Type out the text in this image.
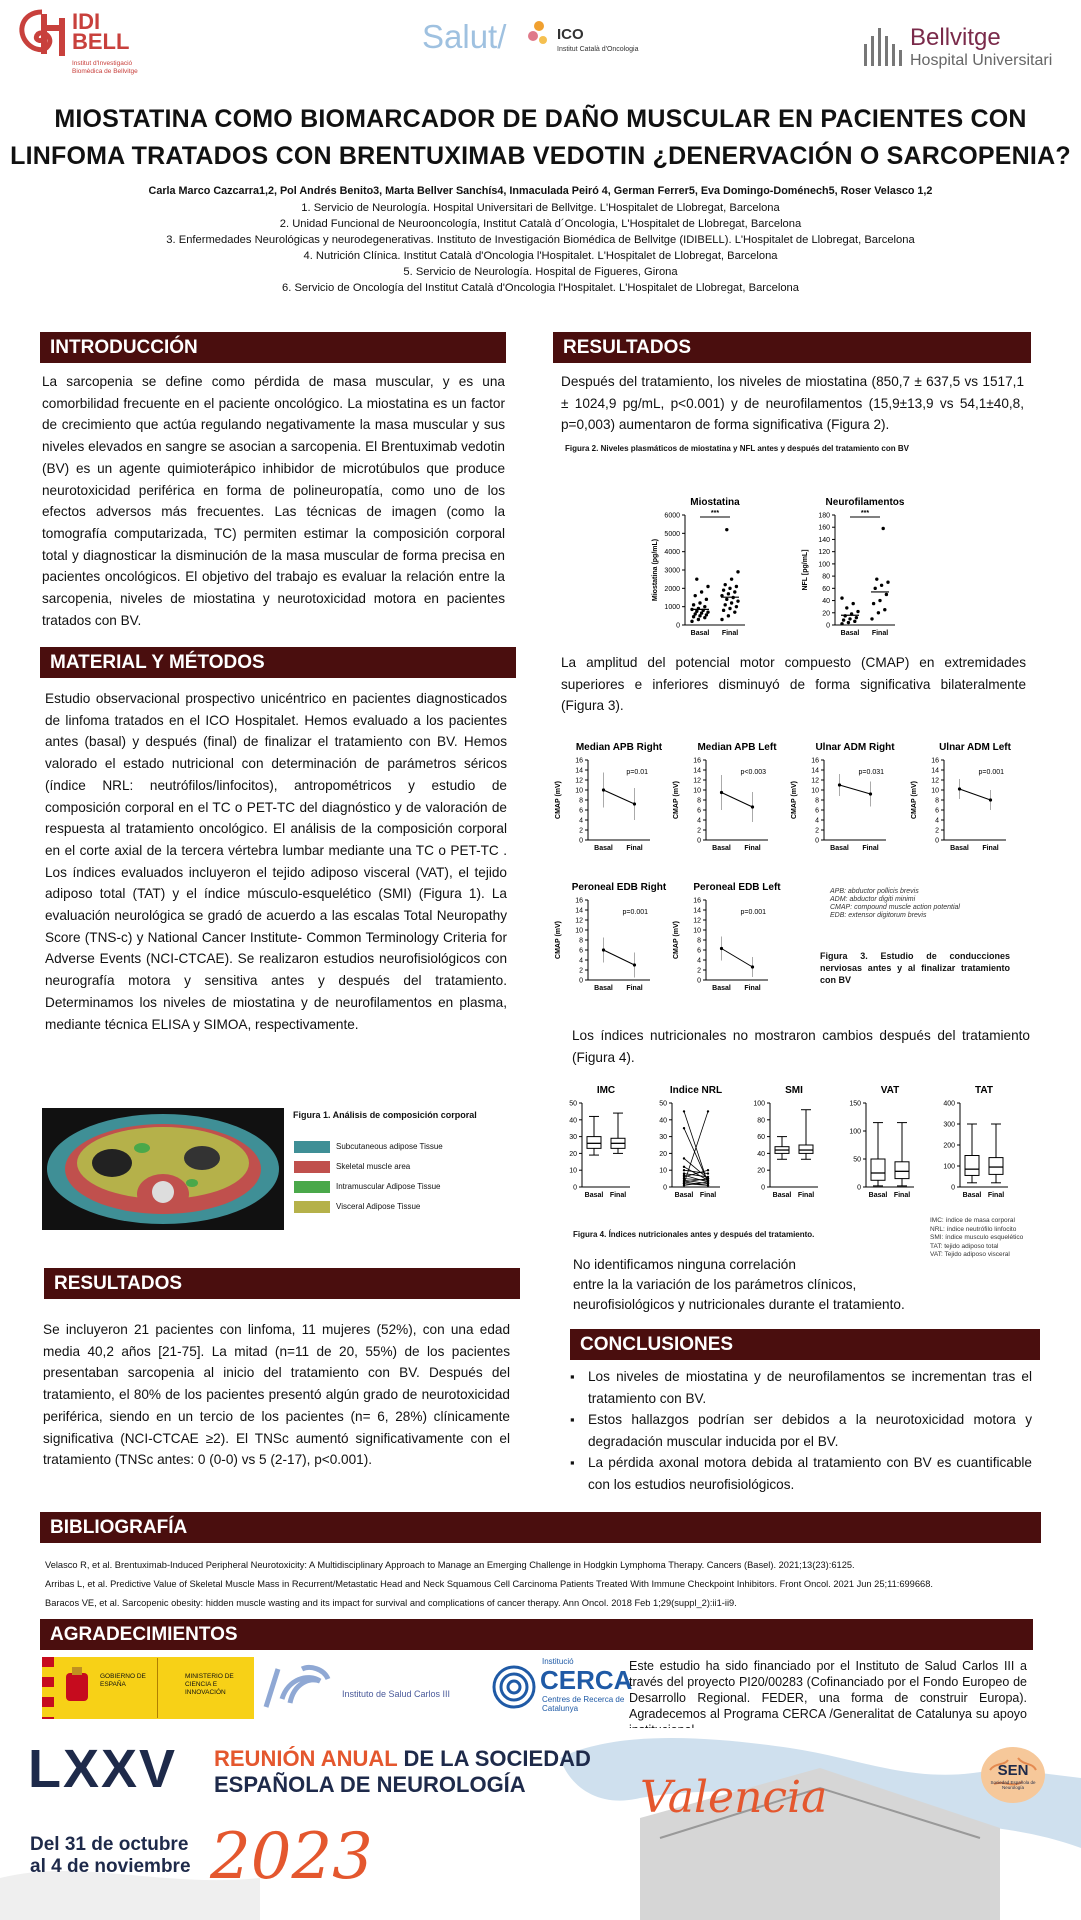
IDI BELL
Institut d'Investigació Biomèdica de Bellvitge
Salut/	ICO
Institut Català d'Oncologia	Bellvitge
Hospital Universitari
MIOSTATINA COMO BIOMARCADOR DE DAÑO MUSCULAR EN PACIENTES CON
LINFOMA TRATADOS CON BRENTUXIMAB VEDOTIN ¿DENERVACIÓN O SARCOPENIA?
Carla Marco Cazcarra1,2, Pol Andrés Benito3, Marta Bellver Sanchís4, Inmaculada Peiró 4, German Ferrer5, Eva Domingo-Doménech5, Roser Velasco 1,2
1. Servicio de Neurología. Hospital Universitari de Bellvitge. L'Hospitalet de Llobregat, Barcelona
2. Unidad Funcional de Neurooncología, Institut Català d´Oncologia, L'Hospitalet de Llobregat, Barcelona
3. Enfermedades Neurológicas y neurodegenerativas. Instituto de Investigación Biomédica de Bellvitge (IDIBELL). L'Hospitalet de Llobregat, Barcelona
4. Nutrición Clínica. Institut Català d'Oncologia l'Hospitalet. L'Hospitalet de Llobregat, Barcelona
5. Servicio de Neurología. Hospital de Figueres, Girona
6. Servicio de Oncología del Institut Català d'Oncologia l'Hospitalet. L'Hospitalet de Llobregat, Barcelona
INTRODUCCIÓN
La sarcopenia se define como pérdida de masa muscular, y es una comorbilidad frecuente en el paciente oncológico. La miostatina es un factor de crecimiento que actúa regulando negativamente la masa muscular y sus niveles elevados en sangre se asocian a sarcopenia. El Brentuximab vedotin (BV) es un agente quimioterápico inhibidor de microtúbulos que produce neurotoxicidad periférica en forma de polineuropatía, como uno de los efectos adversos más frecuentes. Las técnicas de imagen (como la tomografía computarizada, TC) permiten estimar la composición corporal total y diagnosticar la disminución de la masa muscular de forma precisa en pacientes oncológicos. El objetivo del trabajo es evaluar la relación entre la sarcopenia, niveles de miostatina y neurotoxicidad motora en pacientes tratados con BV.
MATERIAL Y MÉTODOS
Estudio observacional prospectivo unicéntrico en pacientes diagnosticados de linfoma tratados en el ICO Hospitalet. Hemos evaluado a los pacientes antes (basal) y después (final) de finalizar el tratamiento con BV. Hemos valorado el estado nutricional con determinación de parámetros séricos (índice NRL: neutrófilos/linfocitos), antropométricos y estudio de composición corporal en el TC o PET-TC del diagnóstico y de valoración de respuesta al tratamiento oncológico. El análisis de la composición corporal en el corte axial de la tercera vértebra lumbar mediante una TC o PET-TC . Los índices evaluados incluyeron el tejido adiposo visceral (VAT), el tejido adiposo total (TAT) y el índice músculo-esquelético (SMI) (Figura 1). La evaluación neurológica se gradó de acuerdo a las escalas Total Neuropathy Score (TNS-c) y National Cancer Institute- Common Terminology Criteria for Adverse Events (NCI-CTCAE). Se realizaron estudios neurofisiológicos con neurografía motora y sensitiva antes y después del tratamiento. Determinamos los niveles de miostatina y de neurofilamentos en plasma, mediante técnica ELISA y SIMOA, respectivamente.
Figura 1. Análisis de composición corporal
Subcutaneous adipose Tissue
Skeletal muscle area
Intramuscular Adipose Tissue
Visceral Adipose Tissue
RESULTADOS
Se incluyeron 21 pacientes con linfoma, 11 mujeres (52%), con una edad media 40,2 años [21-75]. La mitad (n=11 de 20, 55%) de los pacientes presentaban sarcopenia al inicio del tratamiento con BV. Después del tratamiento, el 80% de los pacientes presentó algún grado de neurotoxicidad periférica, siendo en un tercio de los pacientes (n= 6, 28%) clínicamente significativa (NCI-CTCAE ≥2). El TNSc aumentó significativamente con el tratamiento (TNSc antes: 0 (0-0) vs 5 (2-17), p<0.001).
RESULTADOS
Después del tratamiento, los niveles de miostatina (850,7 ± 637,5 vs 1517,1 ± 1024,9 pg/mL, p<0.001) y de neurofilamentos (15,9±13,9 vs 54,1±40,8, p=0,003) aumentaron de forma significativa (Figura 2).
Figura 2. Niveles plasmáticos de miostatina y NFL antes y después del tratamiento con BV
Miostatina
0
1000
2000
3000
4000
5000
6000
Basal Final
Miostatina (pg/mL)
***
Neurofilamentos
0
20
40
60
80
100
120
140
160
180
Basal Final
NFL [pg/mL]
***
La amplitud del potencial motor compuesto (CMAP) en extremidades superiores e inferiores disminuyó de forma significativa bilateralmente (Figura 3).
Median APB Right
0
2
4
6
8
10
12
14
16
Basal Final
CMAP (mV)
p=0.01
Median APB Left
0
2
4
6
8
10
12
14
16
Basal Final
CMAP (mV)
p<0.003
Ulnar ADM Right
0
2
4
6
8
10
12
14
16
Basal Final
CMAP (mV)
p=0.031
Ulnar ADM Left
0
2
4
6
8
10
12
14
16
Basal Final
CMAP (mV)
p=0.001
Peroneal EDB Right
0
2
4
6
8
10
12
14
16
Basal Final
CMAP (mV)
p=0.001
Peroneal EDB Left
0
2
4
6
8
10
12
14
16
Basal Final
CMAP (mV)
p=0.001
APB: abductor pollicis brevis
ADM: abductor digiti minimi
CMAP: compound muscle action potential
EDB: extensor digitorum brevis
Figura 3. Estudio de conducciones nerviosas antes y al finalizar tratamiento con BV
Los índices nutricionales no mostraron cambios después del tratamiento (Figura 4).
IMC
0
10
20
30
40
50
Basal Final
Indice NRL
0
10
20
30
40
50
Basal Final
SMI
0
20
40
60
80
100
Basal Final
VAT
0
50
100
150
Basal Final
TAT
0
100
200
300
400
Basal Final
Figura 4. Índices nutricionales antes y después del tratamiento.
IMC: índice de masa corporal
NRL: índice neutrófilo linfocito
SMI: índice musculo esquelético
TAT: tejido adiposo total
VAT: Tejido adiposo visceral
No identificamos ninguna correlación
entre la la variación de los parámetros clínicos,
neurofisiológicos y nutricionales durante el tratamiento.
CONCLUSIONES
▪ Los niveles de miostatina y de neurofilamentos se incrementan tras el tratamiento con BV.
▪ Estos hallazgos podrían ser debidos a la neurotoxicidad motora y degradación muscular inducida por el BV.
▪ La pérdida axonal motora debida al tratamiento con BV es cuantificable con los estudios neurofisiológicos.
BIBLIOGRAFÍA
Velasco R, et al. Brentuximab-Induced Peripheral Neurotoxicity: A Multidisciplinary Approach to Manage an Emerging Challenge in Hodgkin Lymphoma Therapy. Cancers (Basel). 2021;13(23):6125.
Arribas L, et al. Predictive Value of Skeletal Muscle Mass in Recurrent/Metastatic Head and Neck Squamous Cell Carcinoma Patients Treated With Immune Checkpoint Inhibitors. Front Oncol. 2021 Jun 25;11:699668.
Baracos VE, et al. Sarcopenic obesity: hidden muscle wasting and its impact for survival and complications of cancer therapy. Ann Oncol. 2018 Feb 1;29(suppl_2):ii1-ii9.
AGRADECIMIENTOS
GOBIERNO DE ESPAÑA
MINISTERIO DE CIENCIA E INNOVACIÓN	Instituto de Salud Carlos III
Institució
CERCA
Centres de Recerca de Catalunya
Este estudio ha sido financiado por el Instituto de Salud Carlos III a través del proyecto PI20/00283 (Cofinanciado por el Fondo Europeo de Desarrollo Regional. FEDER, una forma de construir Europa). Agradecemos al Programa CERCA /Generalitat de Catalunya su apoyo
LXXV REUNIÓN ANUAL DE LA SOCIEDAD
ESPAÑOLA DE NEUROLOGÍA	Valencia
Del 31 de octubre
al 4 de noviembre 2023
SEN
Sociedad Española de Neurología
